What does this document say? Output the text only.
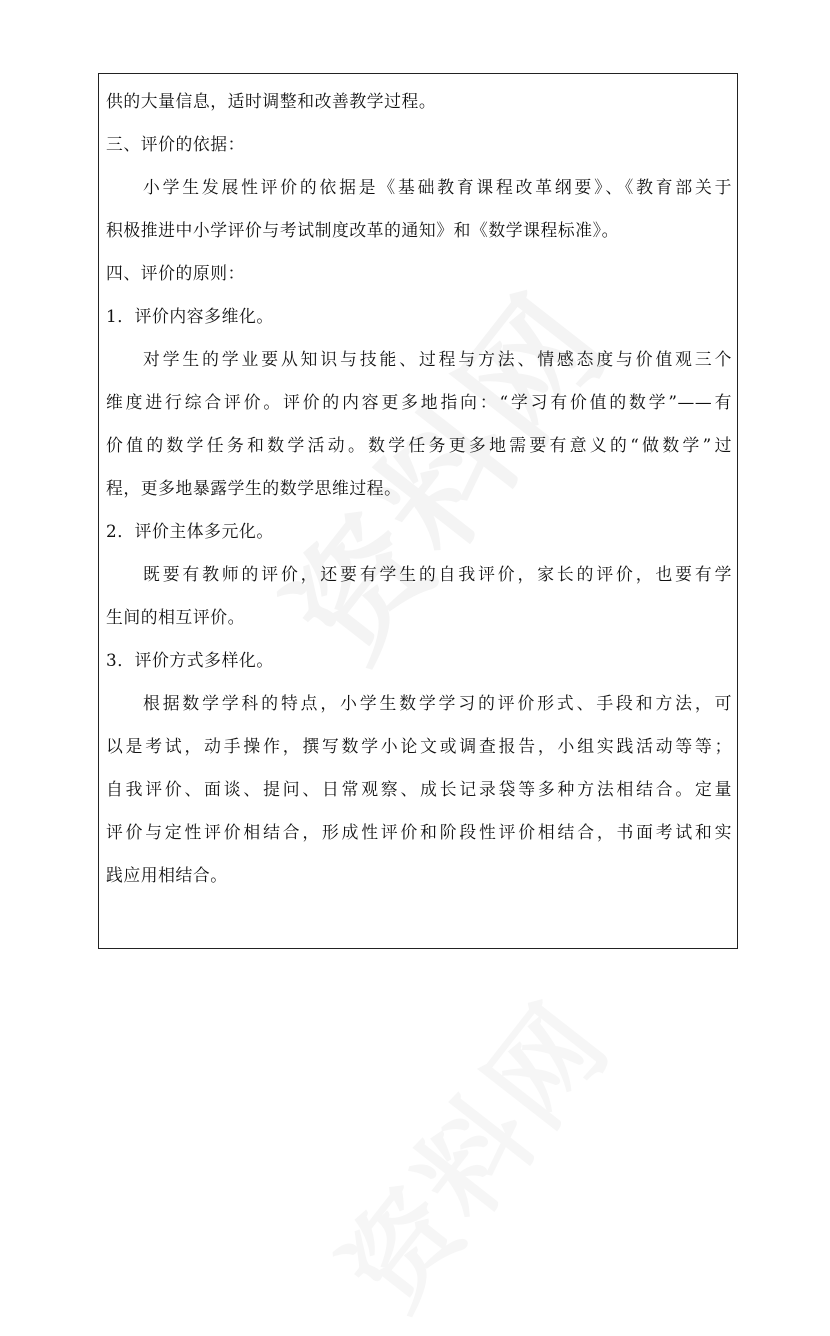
供的大量信息，适时调整和改善教学过程。
三、评价的依据：
小学生发展性评价的依据是《基础教育课程改革纲要》、《教育部关于
积极推进中小学评价与考试制度改革的通知》和《数学课程标准》。
四、评价的原则：
1．评价内容多维化。
对学生的学业要从知识与技能、过程与方法、情感态度与价值观三个
维度进行综合评价。评价的内容更多地指向：“学习有价值的数学”——有
价值的数学任务和数学活动。数学任务更多地需要有意义的“做数学”过
程，更多地暴露学生的数学思维过程。
2．评价主体多元化。
既要有教师的评价，还要有学生的自我评价，家长的评价，也要有学
生间的相互评价。
3．评价方式多样化。
根据数学学科的特点，小学生数学学习的评价形式、手段和方法，可
以是考试，动手操作，撰写数学小论文或调查报告，小组实践活动等等；
自我评价、面谈、提问、日常观察、成长记录袋等多种方法相结合。定量
评价与定性评价相结合，形成性评价和阶段性评价相结合，书面考试和实
践应用相结合。
